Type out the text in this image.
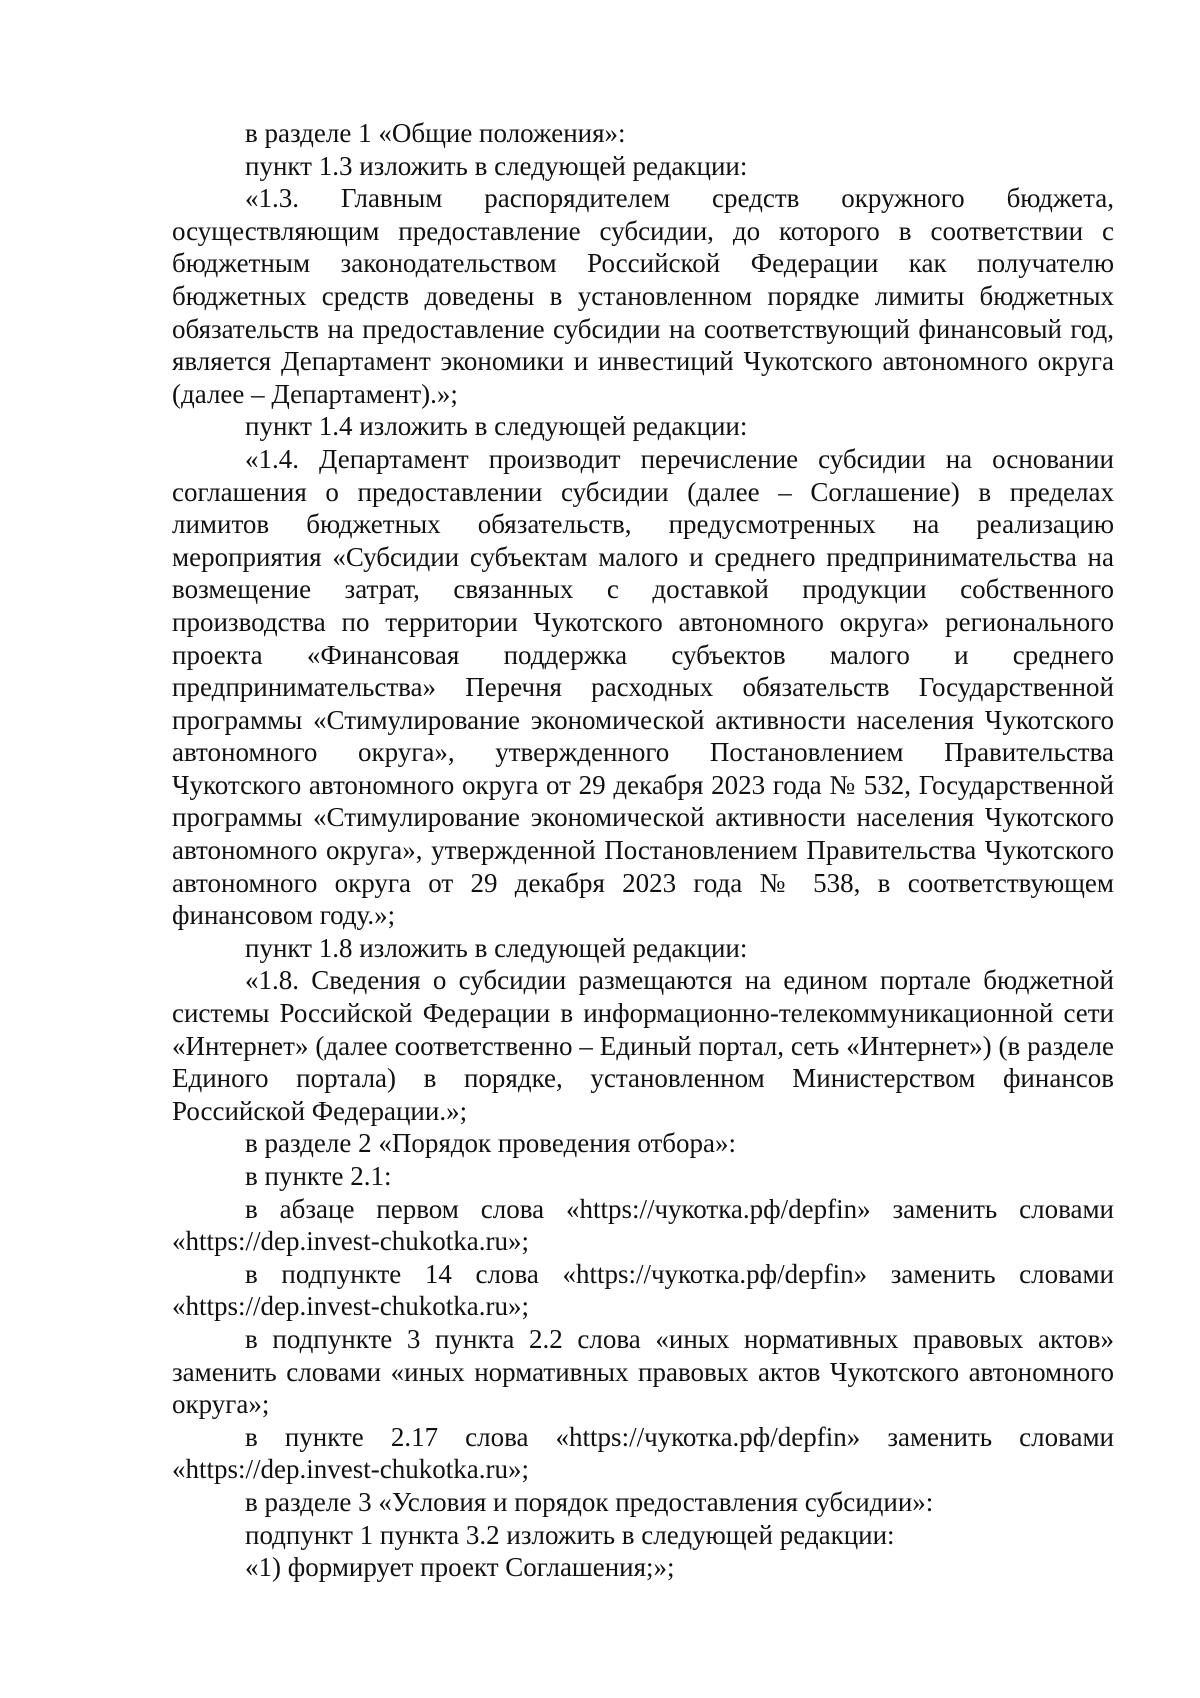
в разделе 1 «Общие положения»:

пункт 1.3 изложить в следующей редакции:

«1.3. Главным распорядителем средств окружного бюджета, осуществляющим предоставление субсидии, до которого в соответствии с бюджетным законодательством Российской Федерации как получателю бюджетных средств доведены в установленном порядке лимиты бюджетных обязательств на предоставление субсидии на соответствующий финансовый год, является Департамент экономики и инвестиций Чукотского автономного округа (далее – Департамент).»;

пункт 1.4 изложить в следующей редакции:

«1.4. Департамент производит перечисление субсидии на основании соглашения о предоставлении субсидии (далее – Соглашение) в пределах лимитов бюджетных обязательств, предусмотренных на реализацию мероприятия «Субсидии субъектам малого и среднего предпринимательства на возмещение затрат, связанных с доставкой продукции собственного производства по территории Чукотского автономного округа» регионального проекта «Финансовая поддержка субъектов малого и среднего предпринимательства» Перечня расходных обязательств Государственной программы «Стимулирование экономической активности населения Чукотского автономного округа», утвержденного Постановлением Правительства Чукотского автономного округа от 29 декабря 2023 года № 532, Государственной программы «Стимулирование экономической активности населения Чукотского автономного округа», утвержденной Постановлением Правительства Чукотского автономного округа от 29 декабря 2023 года № 538, в соответствующем финансовом году.»;

пункт 1.8 изложить в следующей редакции:

«1.8. Сведения о субсидии размещаются на едином портале бюджетной системы Российской Федерации в информационно-телекоммуникационной сети «Интернет» (далее соответственно – Единый портал, сеть «Интернет») (в разделе Единого портала) в порядке, установленном Министерством финансов Российской Федерации.»;

в разделе 2 «Порядок проведения отбора»:

в пункте 2.1:

в абзаце первом слова «https://чукотка.рф/depfin» заменить словами «https://dep.invest-chukotka.ru»;

в подпункте 14 слова «https://чукотка.рф/depfin» заменить словами «https://dep.invest-chukotka.ru»;

в подпункте 3 пункта 2.2 слова «иных нормативных правовых актов» заменить словами «иных нормативных правовых актов Чукотского автономного округа»;

в пункте 2.17 слова «https://чукотка.рф/depfin» заменить словами «https://dep.invest-chukotka.ru»;

в разделе 3 «Условия и порядок предоставления субсидии»:

подпункт 1 пункта 3.2 изложить в следующей редакции:

«1) формирует проект Соглашения;»;
